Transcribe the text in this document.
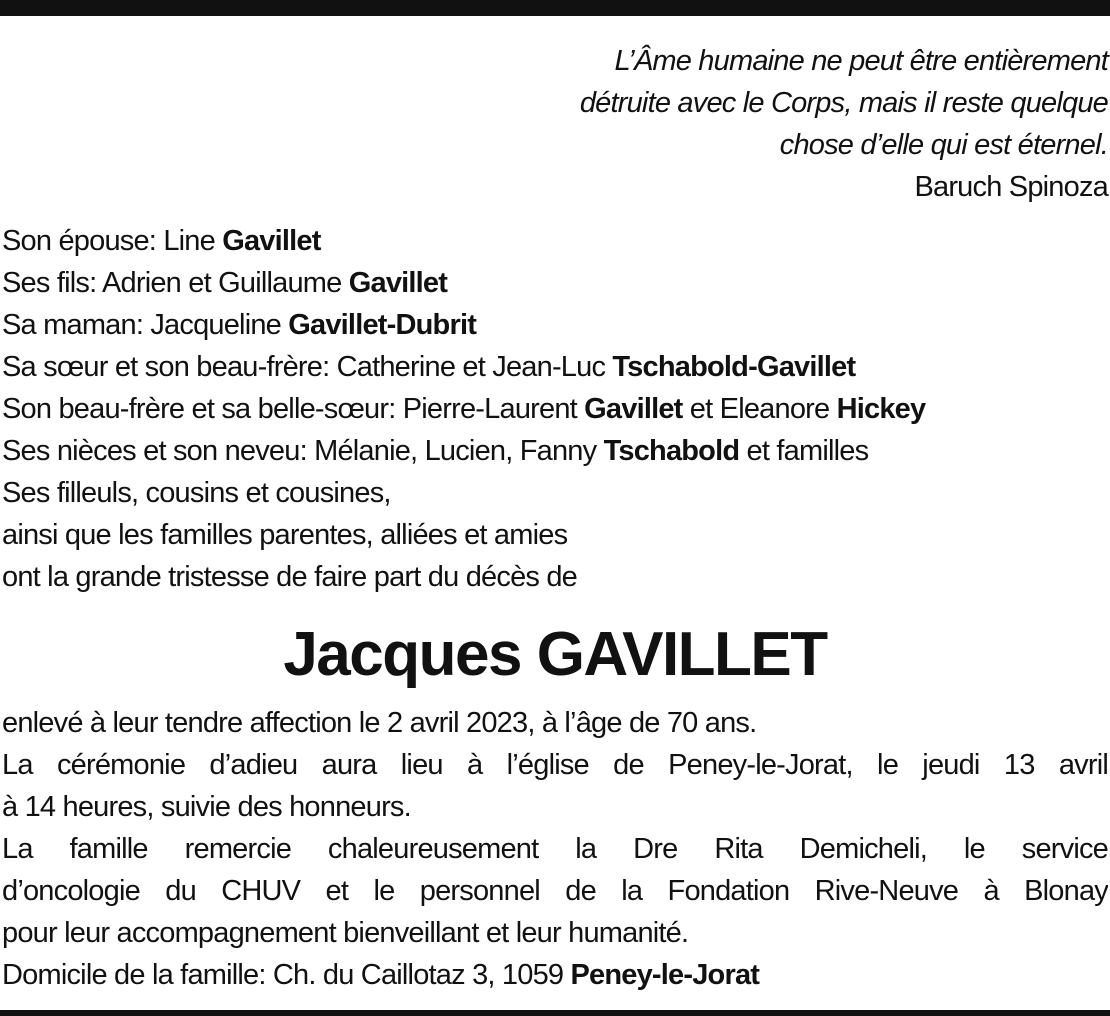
L’Âme humaine ne peut être entièrement
détruite avec le Corps, mais il reste quelque
chose d’elle qui est éternel.
Baruch Spinoza
Son épouse: Line Gavillet
Ses fils: Adrien et Guillaume Gavillet
Sa maman: Jacqueline Gavillet-Dubrit
Sa sœur et son beau-frère: Catherine et Jean-Luc Tschabold-Gavillet
Son beau-frère et sa belle-sœur: Pierre-Laurent Gavillet et Eleanore Hickey
Ses nièces et son neveu: Mélanie, Lucien, Fanny Tschabold et familles
Ses filleuls, cousins et cousines,
ainsi que les familles parentes, alliées et amies
ont la grande tristesse de faire part du décès de
Jacques GAVILLET
enlevé à leur tendre affection le 2 avril 2023, à l’âge de 70 ans.
La cérémonie d’adieu aura lieu à l’église de Peney-le-Jorat, le jeudi 13 avril
à 14 heures, suivie des honneurs.
La famille remercie chaleureusement la Dre Rita Demicheli, le service
d’oncologie du CHUV et le personnel de la Fondation Rive-Neuve à Blonay
pour leur accompagnement bienveillant et leur humanité.
Domicile de la famille: Ch. du Caillotaz 3, 1059 Peney-le-Jorat
